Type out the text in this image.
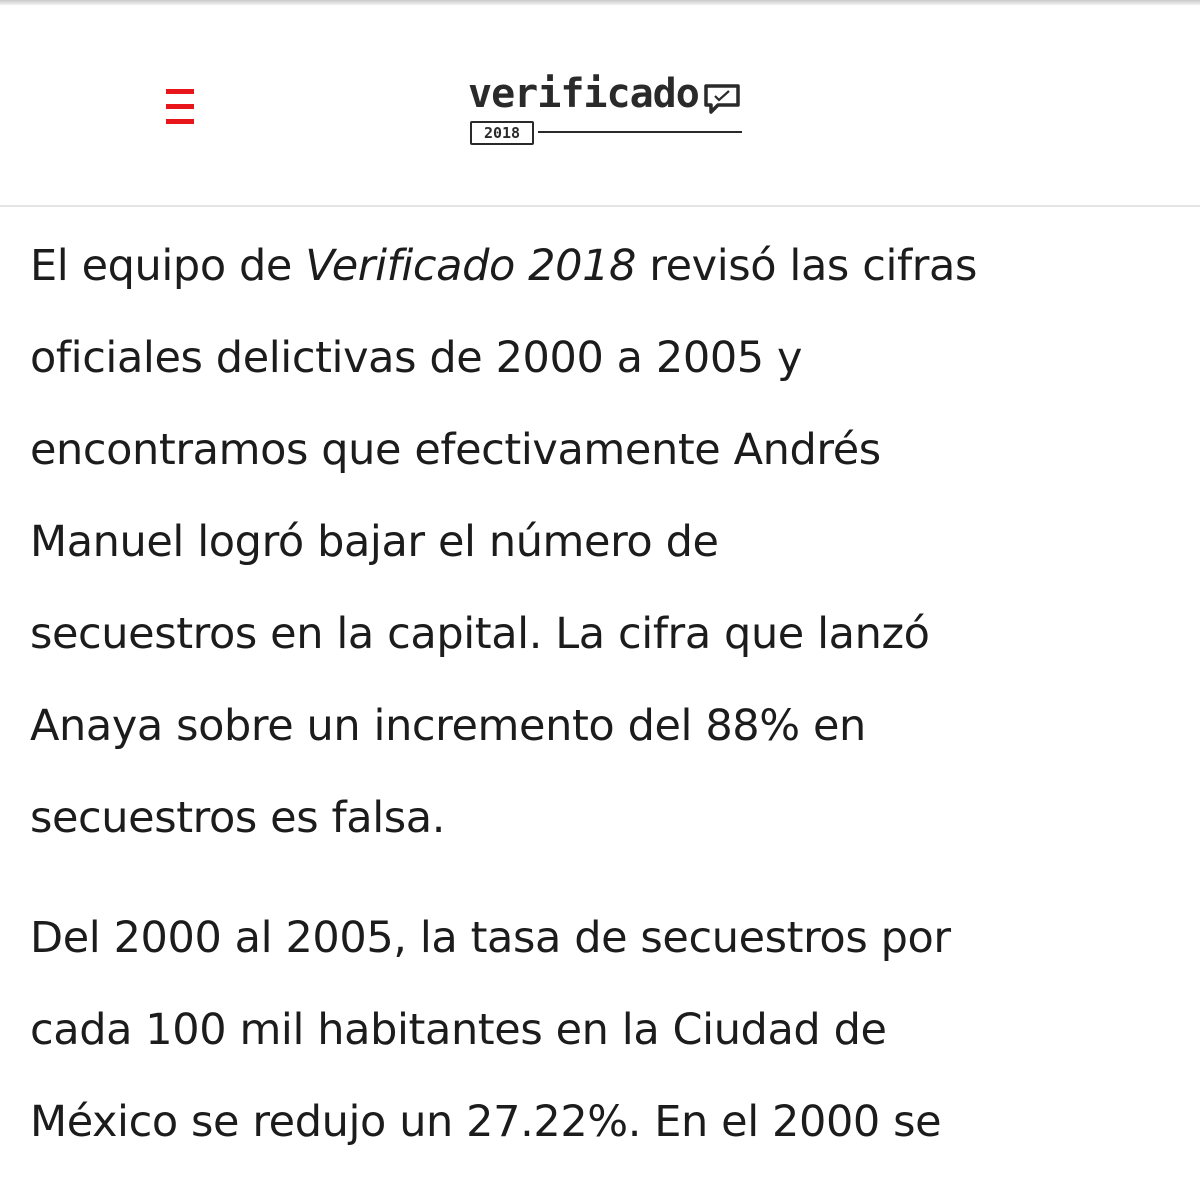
verificado
2018

El equipo de Verificado 2018 revisó las cifras
oficiales delictivas de 2000 a 2005 y
encontramos que efectivamente Andrés
Manuel logró bajar el número de
secuestros en la capital. La cifra que lanzó
Anaya sobre un incremento del 88% en
secuestros es falsa.

Del 2000 al 2005, la tasa de secuestros por
cada 100 mil habitantes en la Ciudad de
México se redujo un 27.22%. En el 2000 se
